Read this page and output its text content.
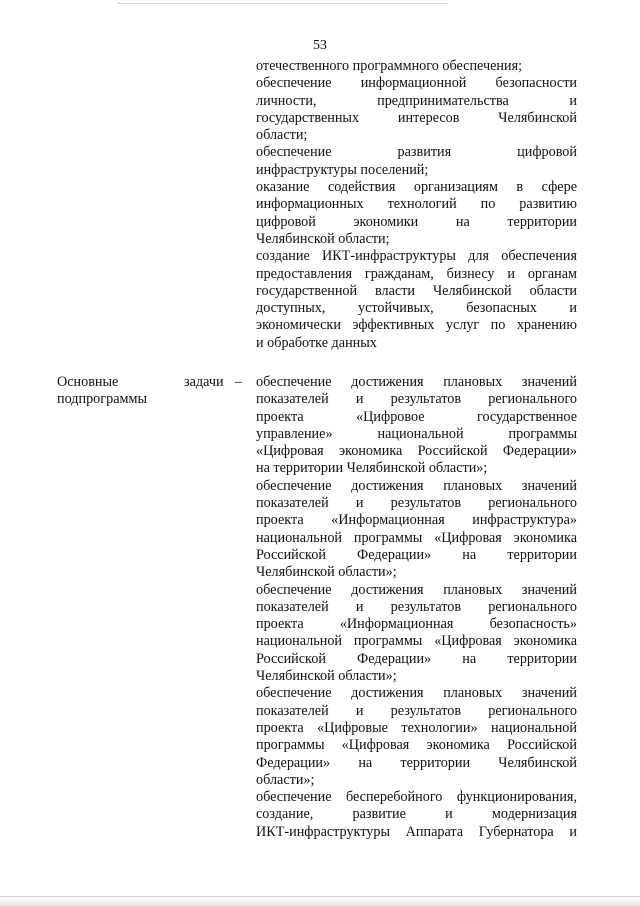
53
отечественного программного обеспечения;
обеспечение информационной безопасности
личности, предпринимательства и
государственных интересов Челябинской
области;
обеспечение развития цифровой
инфраструктуры поселений;
оказание содействия организациям в сфере
информационных технологий по развитию
цифровой экономики на территории
Челябинской области;
создание ИКТ-инфраструктуры для обеспечения
предоставления гражданам, бизнесу и органам
государственной власти Челябинской области
доступных, устойчивых, безопасных и
экономически эффективных услуг по хранению
и обработке данных
Основные	задачи –
подпрограммы
обеспечение достижения плановых значений
показателей и результатов регионального
проекта «Цифровое государственное
управление» национальной программы
«Цифровая экономика Российской Федерации»
на территории Челябинской области»;
обеспечение достижения плановых значений
показателей и результатов регионального
проекта «Информационная инфраструктура»
национальной программы «Цифровая экономика
Российской Федерации» на территории
Челябинской области»;
обеспечение достижения плановых значений
показателей и результатов регионального
проекта «Информационная безопасность»
национальной программы «Цифровая экономика
Российской Федерации» на территории
Челябинской области»;
обеспечение достижения плановых значений
показателей и результатов регионального
проекта «Цифровые технологии» национальной
программы «Цифровая экономика Российской
Федерации» на территории Челябинской
области»;
обеспечение бесперебойного функционирования,
создание, развитие и модернизация
ИКТ-инфраструктуры Аппарата Губернатора и
